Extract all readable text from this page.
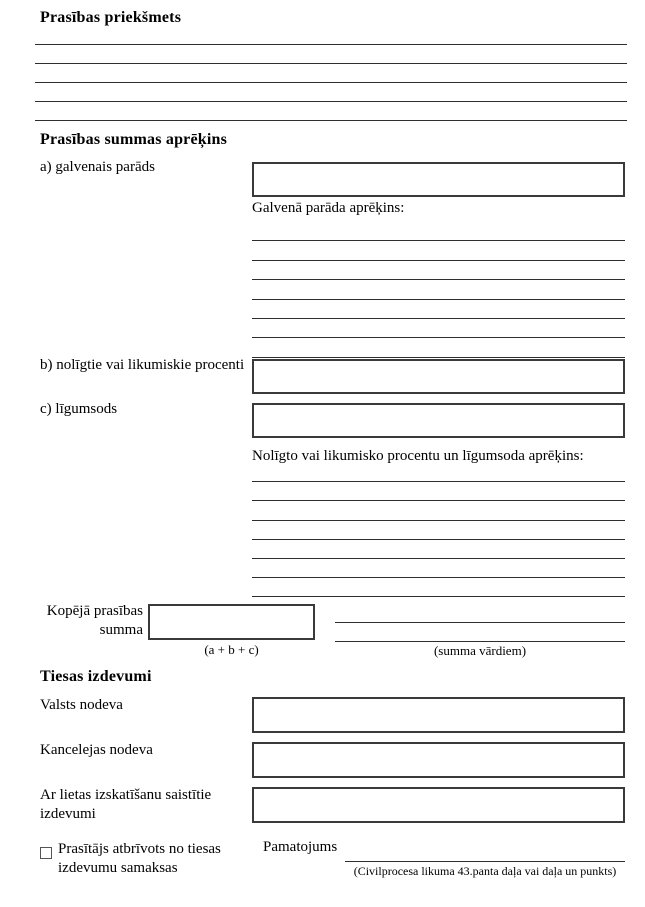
Prasības priekšmets
Prasības summas aprēķins
a) galvenais parāds
Galvenā parāda aprēķins:
b) nolīgtie vai likumiskie procenti
c) līgumsods
Nolīgto vai likumisko procentu un līgumsoda aprēķins:
Kopējā prasības summa
(a + b + c)	(summa vārdiem)
Tiesas izdevumi
Valsts nodeva
Kancelejas nodeva
Ar lietas izskatīšanu saistītie izdevumi
Prasītājs atbrīvots no tiesas izdevumu samaksas
Pamatojums
(Civilprocesa likuma 43.panta daļa vai daļa un punkts)
